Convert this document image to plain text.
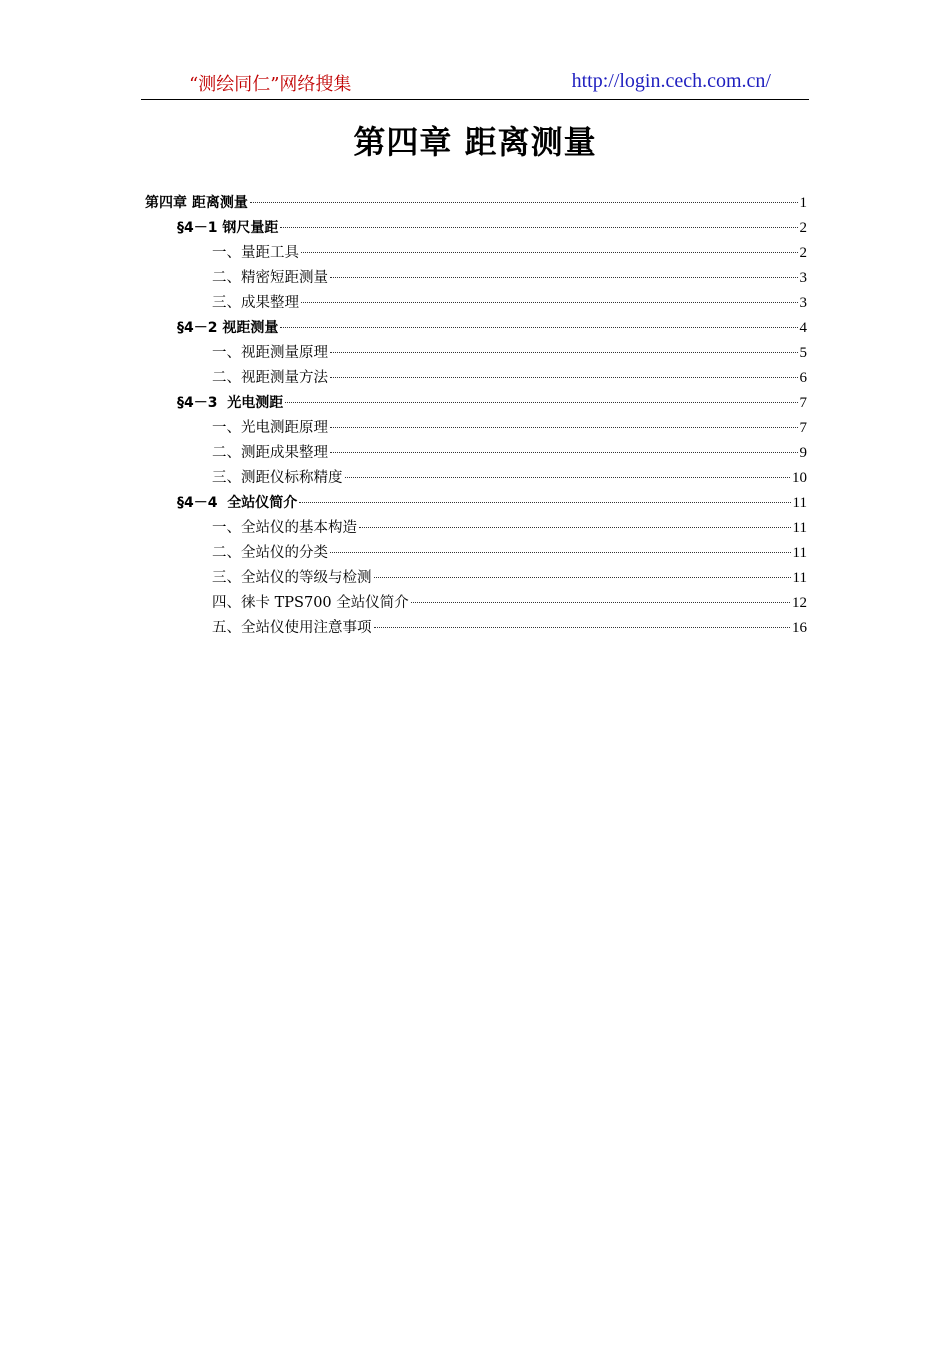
“测绘同仁”网络搜集	http://login.cech.com.cn/
第四章 距离测量
第四章 距离测量	1
§4－1 钢尺量距	2
一、量距工具	2
二、精密短距测量	3
三、成果整理	3
§4－2 视距测量	4
一、视距测量原理	5
二、视距测量方法	6
§4－3  光电测距	7
一、光电测距原理	7
二、测距成果整理	9
三、测距仪标称精度	10
§4－4  全站仪简介	11
一、全站仪的基本构造	11
二、全站仪的分类	11
三、全站仪的等级与检测	11
四、徕卡 TPS700 全站仪简介	12
五、全站仪使用注意事项	16
